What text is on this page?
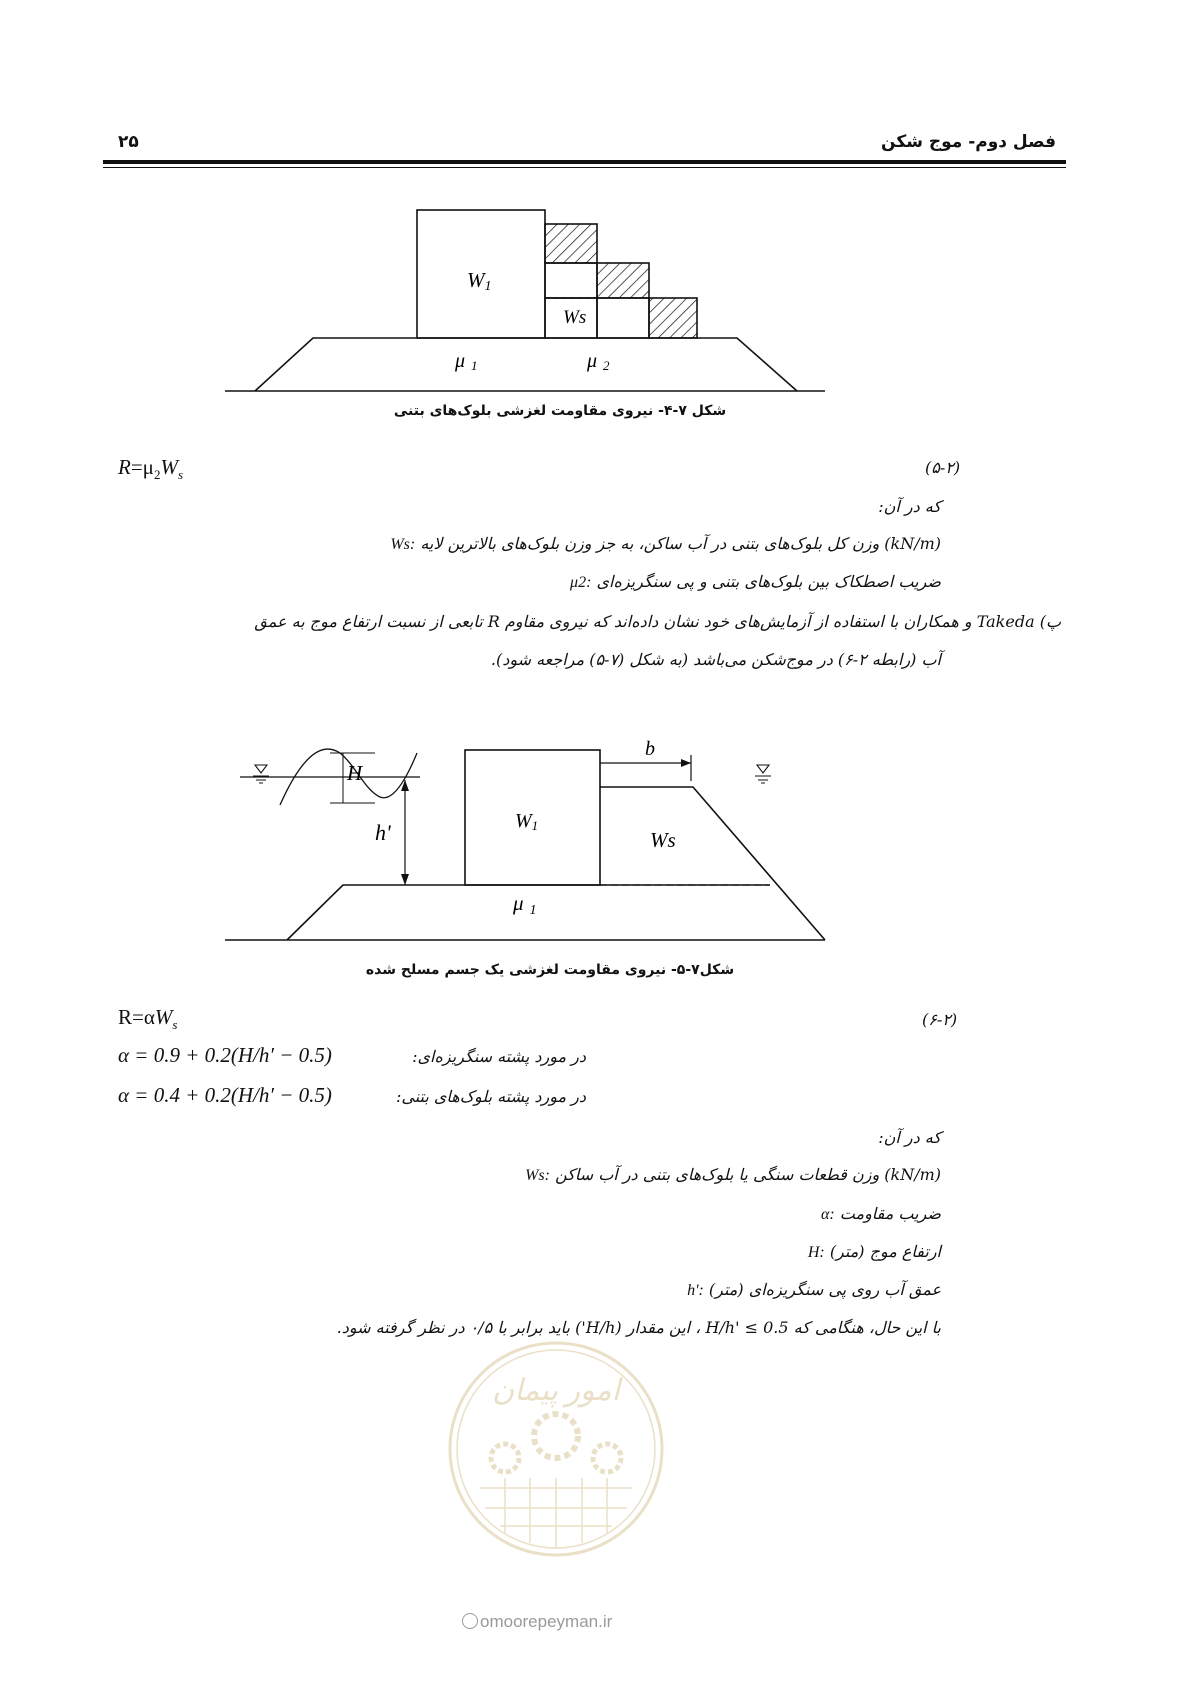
فصل دوم- موج شکن
۲۵
W1
Ws
μ 1	μ 2
شکل ۷-۴- نیروی مقاومت لغزشی بلوک‌های بتنی
$R=\mu_2W_s$	(۵-۲)
که در آن:
Ws: وزن کل بلوک‌های بتنی در آب ساکن، به جز وزن بلوک‌های بالاترین لایه (kN/m)
μ2: ضریب اصطکاک بین بلوک‌های بتنی و پی سنگریزه‌ای
پ) Takeda و همکاران با استفاده از آزمایش‌های خود نشان داده‌اند که نیروی مقاوم R تابعی از نسبت ارتفاع موج به عمق
آب (رابطه ۲-۶) در موج‌شکن می‌باشد (به شکل (۷-۵) مراجعه شود).
H
h'
b
W1
Ws
μ 1
شکل۷-۵- نیروی مقاومت لغزشی یک جسم مسلح شده
$R=\alpha W_s$	(۶-۲)
α = 0.9 + 0.2(H/h′ − 0.5)	در مورد پشته سنگریزه‌ای:
α = 0.4 + 0.2(H/h′ − 0.5)	در مورد پشته بلوک‌های بتنی:
که در آن:
Ws: وزن قطعات سنگی یا بلوک‌های بتنی در آب ساکن (kN/m)
α: ضریب مقاومت
H: ارتفاع موج (متر)
h': عمق آب روی پی سنگریزه‌ای (متر)
با این حال، هنگامی که H/h' ≤ 0.5 ، این مقدار (H/h') باید برابر با ۰/۵ در نظر گرفته شود.
امور پیمان
omoorepeyman.ir
